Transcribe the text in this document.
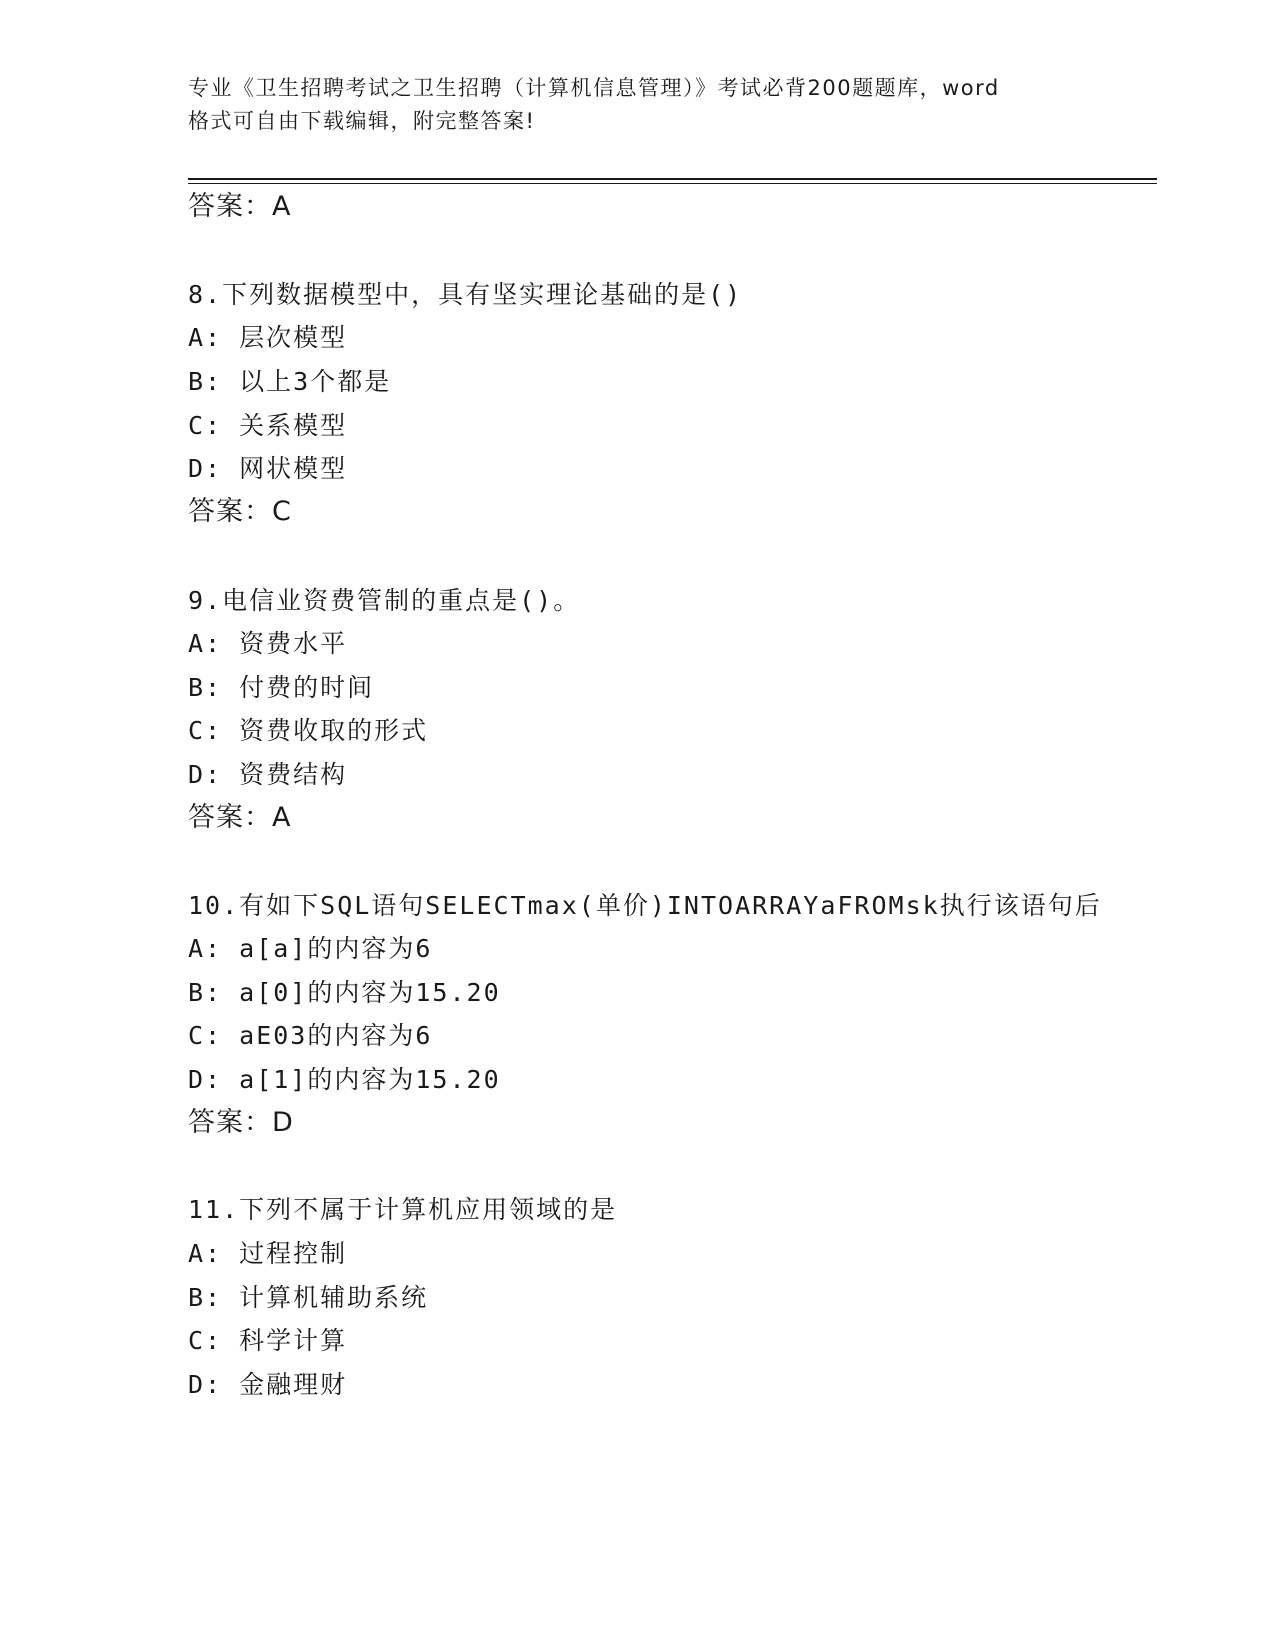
专业《卫生招聘考试之卫生招聘（计算机信息管理）》考试必背200题题库，word
格式可自由下载编辑，附完整答案!
答案：A
8.下列数据模型中，具有坚实理论基础的是()
A: 层次模型
B: 以上3个都是
C: 关系模型
D: 网状模型
答案：C
9.电信业资费管制的重点是()。
A: 资费水平
B: 付费的时间
C: 资费收取的形式
D: 资费结构
答案：A
10.有如下SQL语句SELECTmax(单价)INTOARRAYaFROMsk执行该语句后
A: a[a]的内容为6
B: a[0]的内容为15.20
C: aE03的内容为6
D: a[1]的内容为15.20
答案：D
11.下列不属于计算机应用领域的是
A: 过程控制
B: 计算机辅助系统
C: 科学计算
D: 金融理财
